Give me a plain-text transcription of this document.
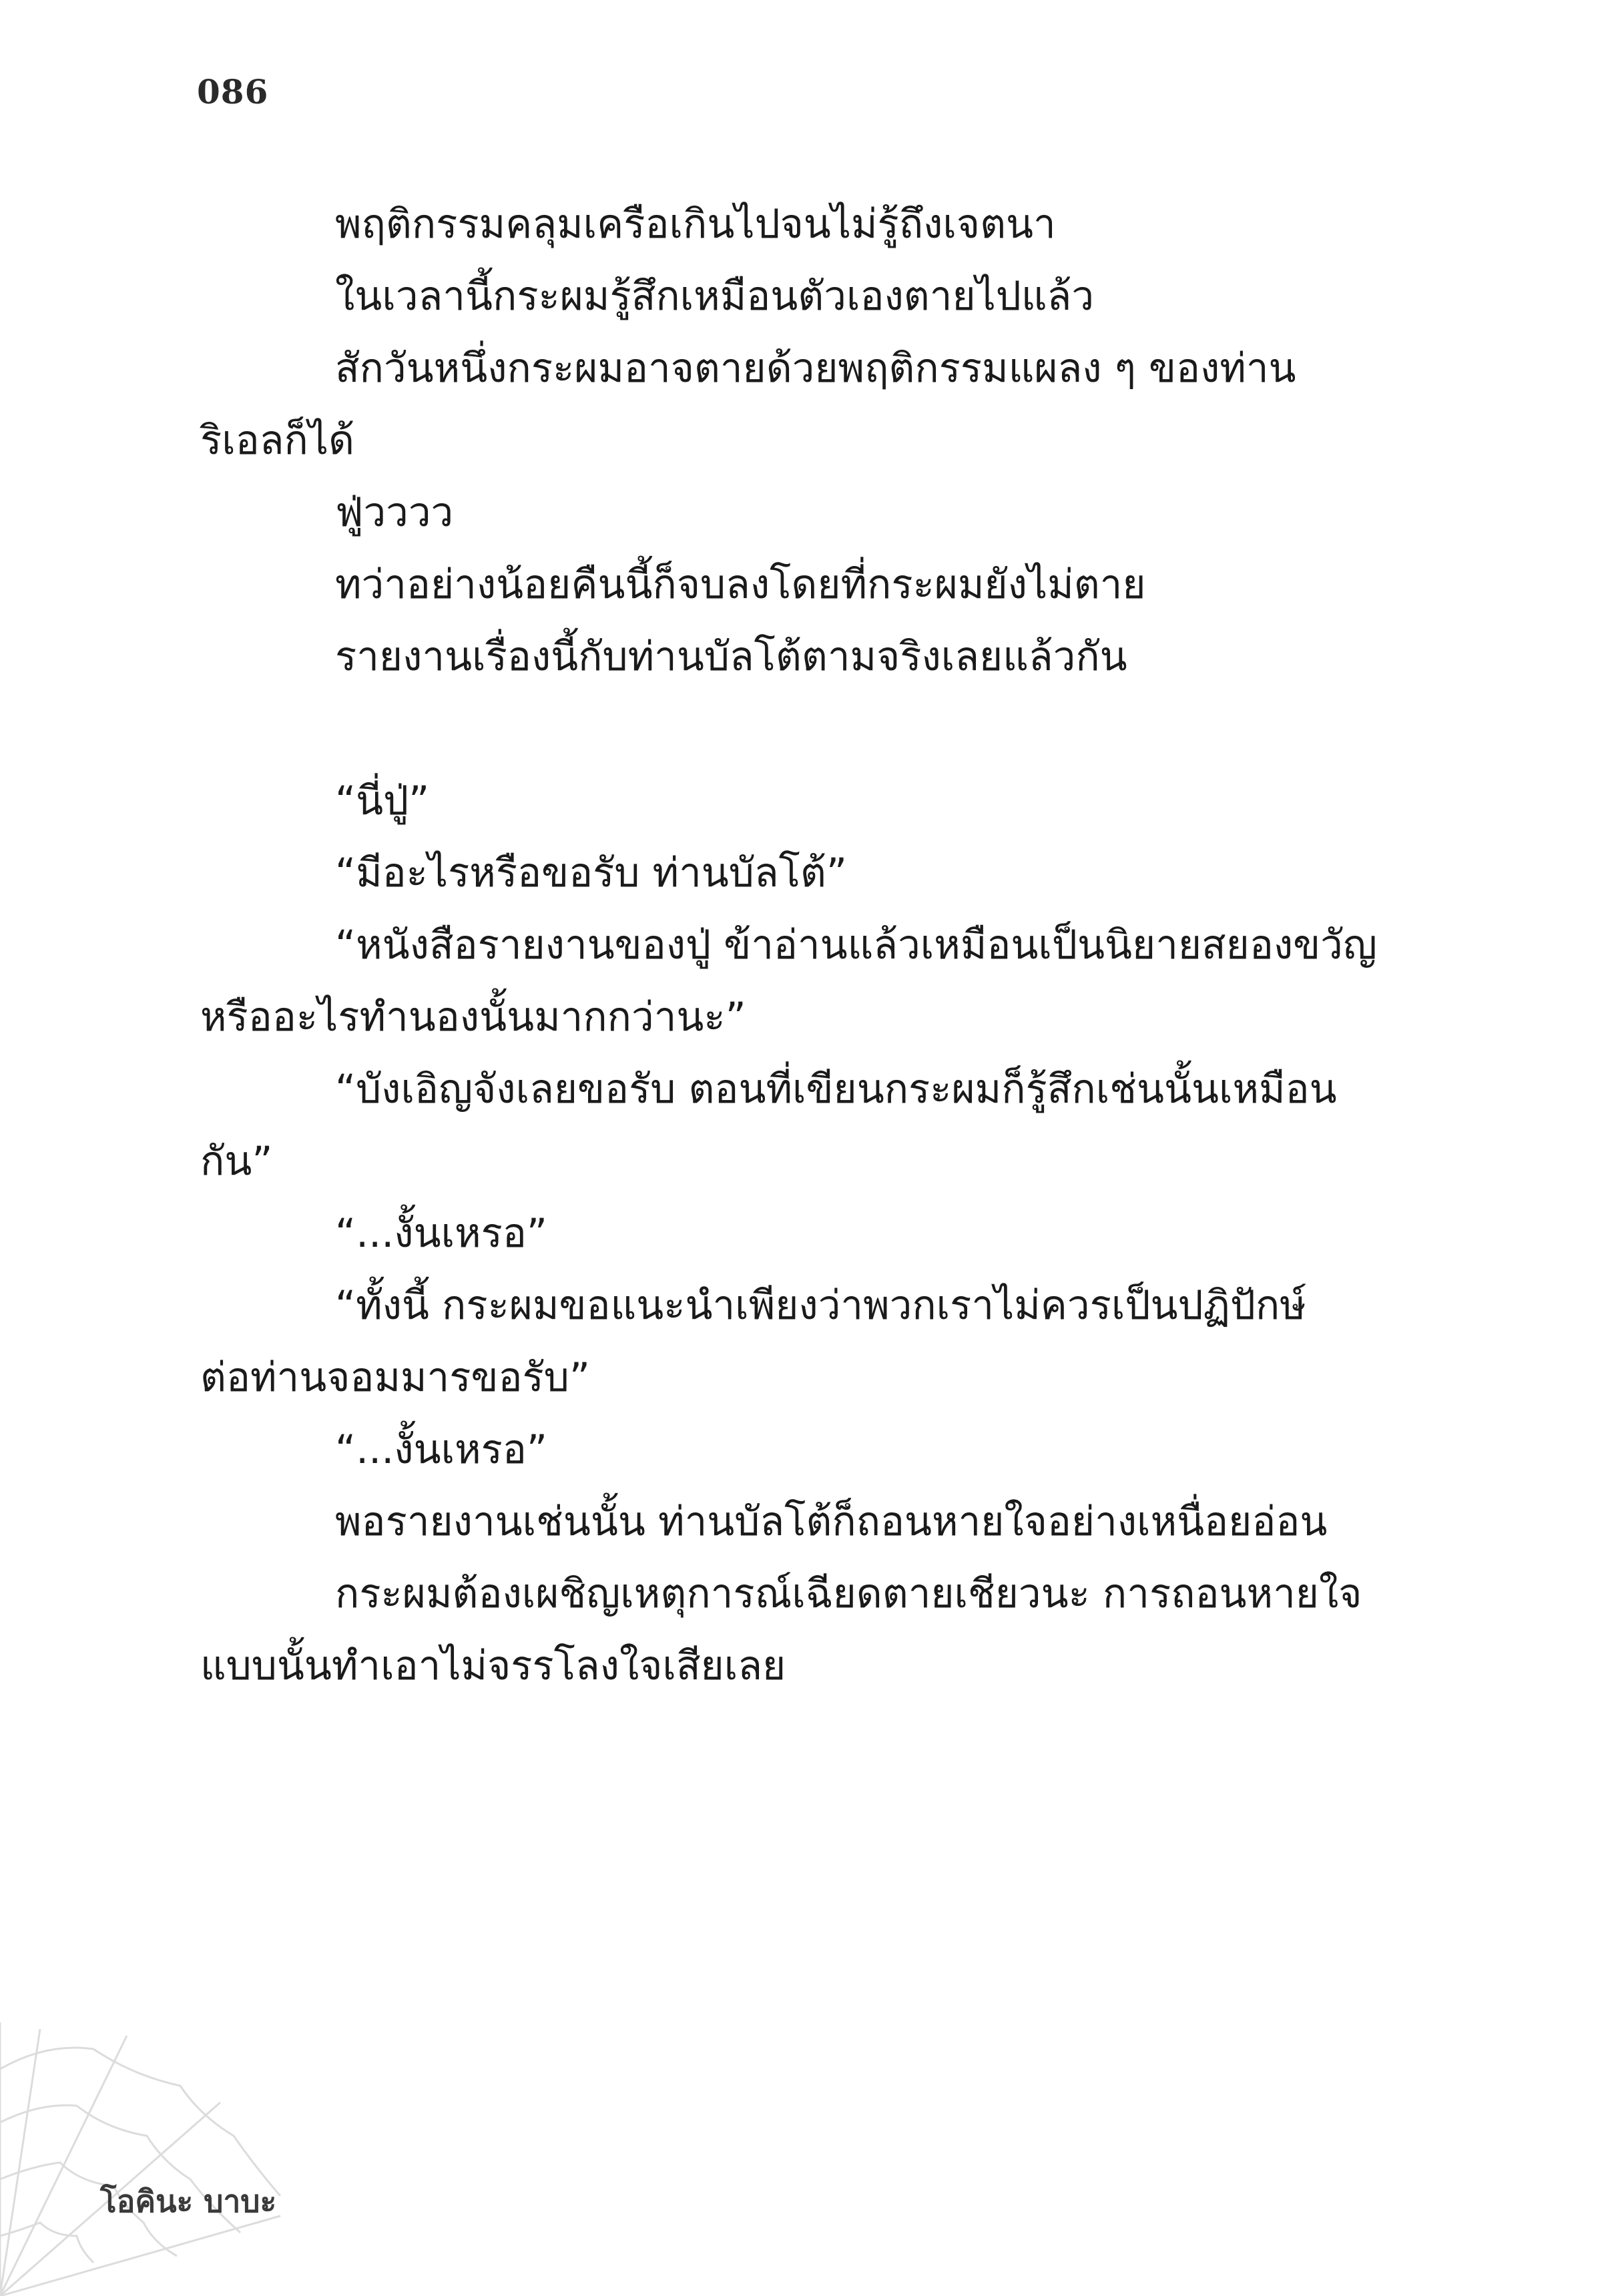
086
พฤติกรรมคลุมเครือเกินไปจนไม่รู้ถึงเจตนา
ในเวลานี้กระผมรู้สึกเหมือนตัวเองตายไปแล้ว
สักวันหนึ่งกระผมอาจตายด้วยพฤติกรรมแผลง ๆ ของท่าน
ริเอลก็ได้
ฟู่วววว
ทว่าอย่างน้อยคืนนี้ก็จบลงโดยที่กระผมยังไม่ตาย
รายงานเรื่องนี้กับท่านบัลโต้ตามจริงเลยแล้วกัน
“นี่ปู่”
“มีอะไรหรือขอรับ ท่านบัลโต้”
“หนังสือรายงานของปู่ ข้าอ่านแล้วเหมือนเป็นนิยายสยองขวัญ
หรืออะไรทำนองนั้นมากกว่านะ”
“บังเอิญจังเลยขอรับ ตอนที่เขียนกระผมก็รู้สึกเช่นนั้นเหมือน
กัน”
“...งั้นเหรอ”
“ทั้งนี้ กระผมขอแนะนำเพียงว่าพวกเราไม่ควรเป็นปฏิปักษ์
ต่อท่านจอมมารขอรับ”
“...งั้นเหรอ”
พอรายงานเช่นนั้น ท่านบัลโต้ก็ถอนหายใจอย่างเหนื่อยอ่อน
กระผมต้องเผชิญเหตุการณ์เฉียดตายเชียวนะ การถอนหายใจ
แบบนั้นทำเอาไม่จรรโลงใจเสียเลย
โอคินะ บาบะ
